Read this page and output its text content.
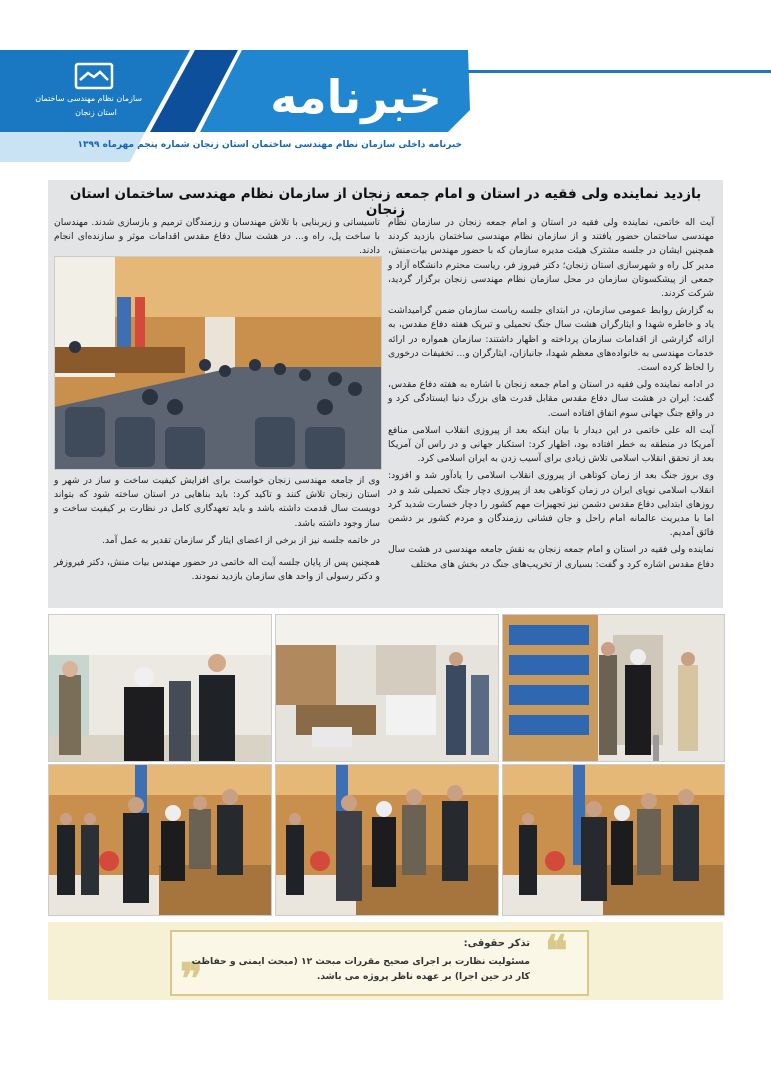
سازمان نظام مهندسی ساختمان
استان زنجان	خبرنامه
خبرنامه داخلی سازمان نظام مهندسی ساختمان استان زنجان شماره پنجم مهرماه ۱۳۹۹
بازدید نماینده ولی فقیه در استان و امام جمعه زنجان از سازمان نظام مهندسی ساختمان استان زنجان

آیت اله خاتمی، نماینده ولی فقیه در استان و امام جمعه زنجان در سازمان نظام مهندسی ساختمان حضور یافتند و از سازمان نظام مهندسی ساختمان بازدید کردند همچنین ایشان در جلسه مشترک هیئت مدیره سازمان که با حضور مهندس بیات‌منش، مدیر کل راه و شهرسازی استان زنجان؛ دکتر فیروز فر، ریاست محترم دانشگاه آزاد و جمعی از پیشکسوتان سازمان در محل سازمان نظام مهندسی زنجان برگزار گردید، شرکت کردند.

به گزارش روابط عمومی سازمان، در ابتدای جلسه ریاست سازمان ضمن گرامیداشت یاد و خاطره شهدا و ایثارگران هشت سال جنگ تحمیلی و تبریک هفته دفاع مقدس، به ارائه گزارشی از اقدامات سازمان پرداخته و اظهار داشتند: سازمان همواره در ارائه خدمات مهندسی به خانواده‌های معظم شهدا، جانبازان، ایثارگران و... تخفیفات درخوری را لحاظ کرده است.

در ادامه نماینده ولی فقیه در استان و امام جمعه زنجان با اشاره به هفته دفاع مقدس، گفت: ایران در هشت سال دفاع مقدس مقابل قدرت های بزرگ دنیا ایستادگی کرد و در واقع جنگ جهانی سوم اتفاق افتاده است.

آیت اله علی خاتمی در این دیدار با بیان اینکه بعد از پیروزی انقلاب اسلامی منافع آمریکا در منطقه به خطر افتاده بود، اظهار کرد: استکبار جهانی و در راس آن آمریکا بعد از تحقق انقلاب اسلامی تلاش زیادی برای آسیب زدن به ایران اسلامی کرد.

وی بروز جنگ بعد از زمان کوتاهی از پیروزی انقلاب اسلامی را یادآور شد و افزود: انقلاب اسلامی نوپای ایران در زمان کوتاهی بعد از پیروزی دچار جنگ تحمیلی شد و در روزهای ابتدایی دفاع مقدس دشمن نیز تجهیزات مهم کشور را دچار خسارت شدید کرد اما با مدیریت عالمانه امام راحل و جان فشانی رزمندگان و مردم کشور بر دشمن فائق آمدیم.

نماینده ولی فقیه در استان و امام جمعه زنجان به نقش جامعه مهندسی در هشت سال دفاع مقدس اشاره کرد و گفت: بسیاری از تخریب‌های جنگ در بخش های مختلف

تاسیساتی و زیربنایی با تلاش مهندسان و رزمندگان ترمیم و بازسازی شدند. مهندسان با ساخت پل، راه و... در هشت سال دفاع مقدس اقدامات موثر و سازنده‌ای انجام دادند.

وی از جامعه مهندسی زنجان خواست برای افزایش کیفیت ساخت و ساز در شهر و استان زنجان تلاش کنند و تاکید کرد: باید بناهایی در استان ساخته شود که بتواند دویست سال قدمت داشته باشد و باید تعهدگاری کامل در نظارت بر کیفیت ساخت و ساز وجود داشته باشد.

در خاتمه جلسه نیز از برخی از اعضای ایثار گر سازمان تقدیر به عمل آمد.

همچنین پس از پایان جلسه آیت اله خاتمی در حضور مهندس بیات منش، دکتر فیروزفر و دکتر رسولی از واحد های سازمان بازدید نمودند.

❝
❞
تذکر حقوقی:
مسئولیت نظارت بر اجرای صحیح مقررات مبحث ۱۲ (مبحث ایمنی و حفاظت کار در حین اجرا) بر عهده ناظر پروژه می باشد.
